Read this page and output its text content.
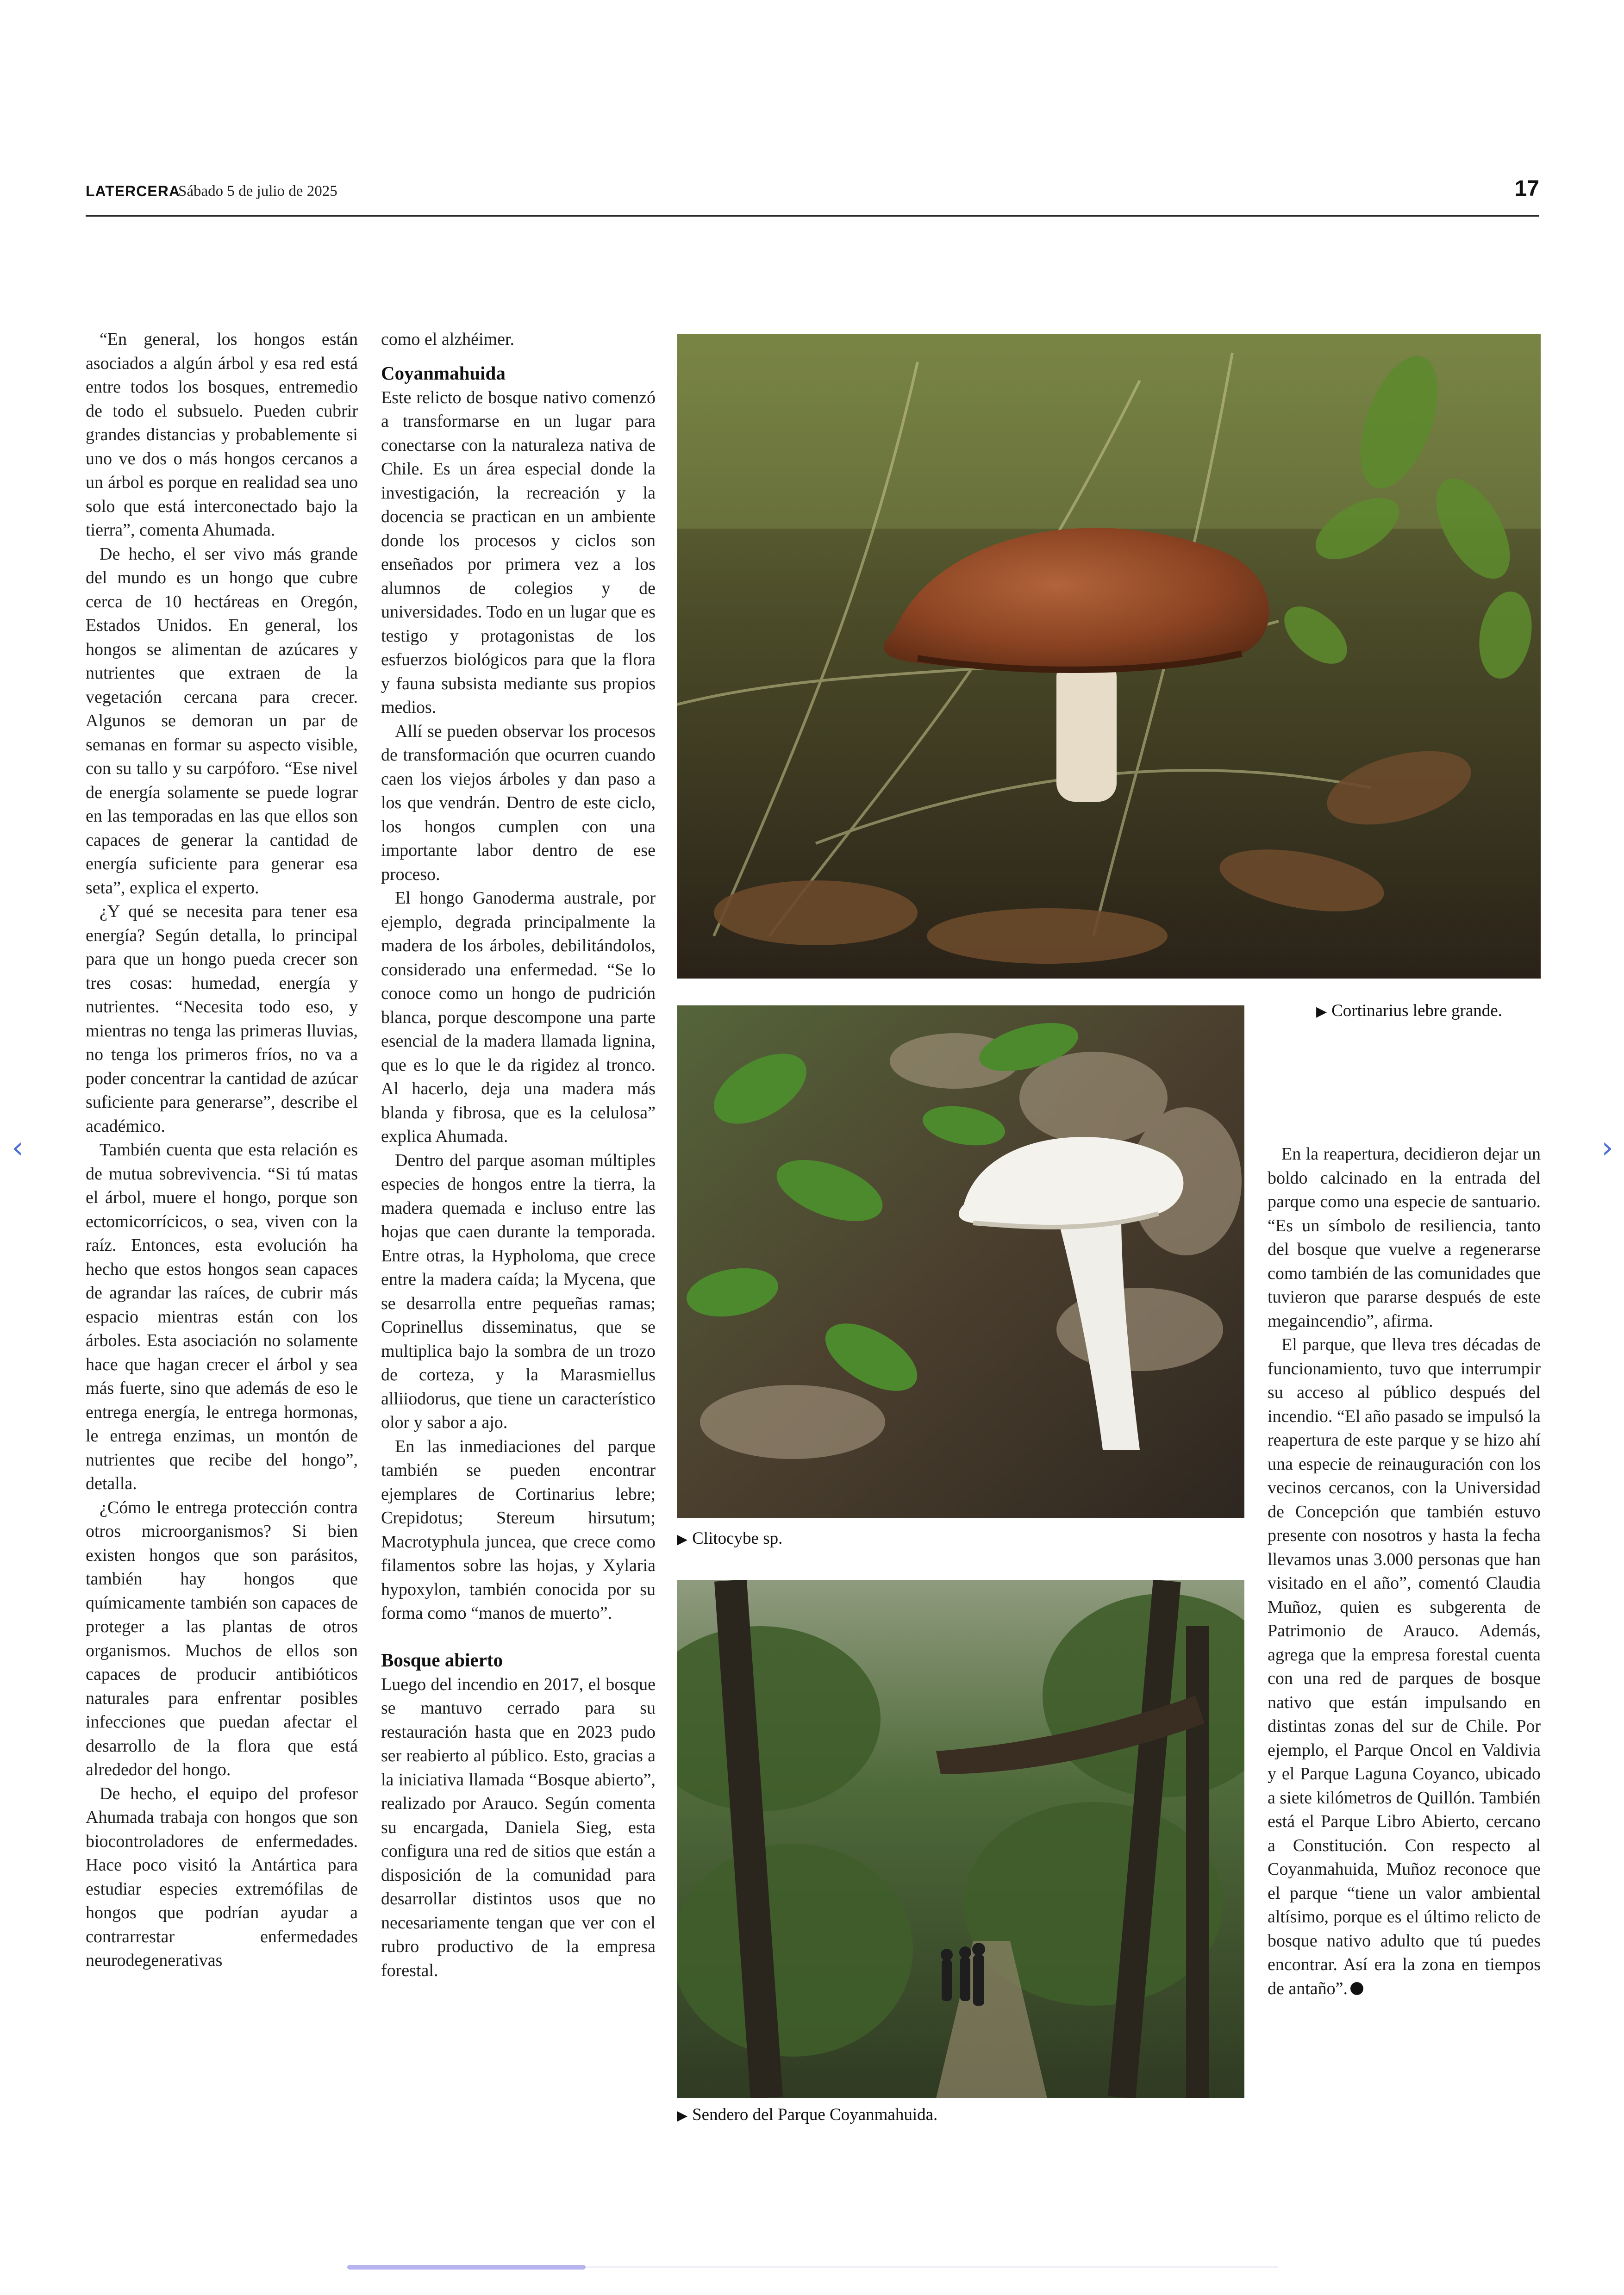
LATERCERA
Sábado 5 de julio de 2025	17

“En general, los hongos están asociados a algún árbol y esa red está entre todos los bosques, entremedio de todo el subsuelo. Pueden cubrir grandes distancias y probablemente si uno ve dos o más hongos cercanos a un árbol es porque en realidad sea uno solo que está interconectado bajo la tierra”, comenta Ahumada.

De hecho, el ser vivo más grande del mundo es un hongo que cubre cerca de 10 hectáreas en Oregón, Estados Unidos. En general, los hongos se alimentan de azúcares y nutrientes que extraen de la vegetación cercana para crecer. Algunos se demoran un par de semanas en formar su aspecto visible, con su tallo y su carpóforo. “Ese nivel de energía solamente se puede lograr en las temporadas en las que ellos son capaces de generar la cantidad de energía suficiente para generar esa seta”, explica el experto.

¿Y qué se necesita para tener esa energía? Según detalla, lo principal para que un hongo pueda crecer son tres cosas: humedad, energía y nutrientes. “Necesita todo eso, y mientras no tenga las primeras lluvias, no tenga los primeros fríos, no va a poder concentrar la cantidad de azúcar suficiente para generarse”, describe el académico.

También cuenta que esta relación es de mutua sobrevivencia. “Si tú matas el árbol, muere el hongo, porque son ectomicorrícicos, o sea, viven con la raíz. Entonces, esta evolución ha hecho que estos hongos sean capaces de agrandar las raíces, de cubrir más espacio mientras están con los árboles. Esta asociación no solamente hace que hagan crecer el árbol y sea más fuerte, sino que además de eso le entrega energía, le entrega hormonas, le entrega enzimas, un montón de nutrientes que recibe del hongo”, detalla.

¿Cómo le entrega protección contra otros microorganismos? Si bien existen hongos que son parásitos, también hay hongos que químicamente también son capaces de proteger a las plantas de otros organismos. Muchos de ellos son capaces de producir antibióticos naturales para enfrentar posibles infecciones que puedan afectar el desarrollo de la flora que está alrededor del hongo.

De hecho, el equipo del profesor Ahumada trabaja con hongos que son biocontroladores de enfermedades. Hace poco visitó la Antártica para estudiar especies extremófilas de hongos que podrían ayudar a contrarrestar enfermedades neurodegenerativas

como el alzhéimer.

Coyanmahuida

Este relicto de bosque nativo comenzó a transformarse en un lugar para conectarse con la naturaleza nativa de Chile. Es un área especial donde la investigación, la recreación y la docencia se practican en un ambiente donde los procesos y ciclos son enseñados por primera vez a los alumnos de colegios y de universidades. Todo en un lugar que es testigo y protagonistas de los esfuerzos biológicos para que la flora y fauna subsista mediante sus propios medios.

Allí se pueden observar los procesos de transformación que ocurren cuando caen los viejos árboles y dan paso a los que vendrán. Dentro de este ciclo, los hongos cumplen con una importante labor dentro de ese proceso.

El hongo Ganoderma australe, por ejemplo, degrada principalmente la madera de los árboles, debilitándolos, considerado una enfermedad. “Se lo conoce como un hongo de pudrición blanca, porque descompone una parte esencial de la madera llamada lignina, que es lo que le da rigidez al tronco. Al hacerlo, deja una madera más blanda y fibrosa, que es la celulosa” explica Ahumada.

Dentro del parque asoman múltiples especies de hongos entre la tierra, la madera quemada e incluso entre las hojas que caen durante la temporada. Entre otras, la Hypholoma, que crece entre la madera caída; la Mycena, que se desarrolla entre pequeñas ramas; Coprinellus disseminatus, que se multiplica bajo la sombra de un trozo de corteza, y la Marasmiellus alliiodorus, que tiene un característico olor y sabor a ajo.

En las inmediaciones del parque también se pueden encontrar ejemplares de Cortinarius lebre; Crepidotus; Stereum hirsutum; Macrotyphula juncea, que crece como filamentos sobre las hojas, y Xylaria hypoxylon, también conocida por su forma como “manos de muerto”.

Bosque abierto

Luego del incendio en 2017, el bosque se mantuvo cerrado para su restauración hasta que en 2023 pudo ser reabierto al público. Esto, gracias a la iniciativa llamada “Bosque abierto”, realizado por Arauco. Según comenta su encargada, Daniela Sieg, esta configura una red de sitios que están a disposición de la comunidad para desarrollar distintos usos que no necesariamente tengan que ver con el rubro productivo de la empresa forestal.

En la reapertura, decidieron dejar un boldo calcinado en la entrada del parque como una especie de santuario. “Es un símbolo de resiliencia, tanto del bosque que vuelve a regenerarse como también de las comunidades que tuvieron que pararse después de este megaincendio”, afirma.

El parque, que lleva tres décadas de funcionamiento, tuvo que interrumpir su acceso al público después del incendio. “El año pasado se impulsó la reapertura de este parque y se hizo ahí una especie de reinauguración con los vecinos cercanos, con la Universidad de Concepción que también estuvo presente con nosotros y hasta la fecha llevamos unas 3.000 personas que han visitado en el año”, comentó Claudia Muñoz, quien es subgerenta de Patrimonio de Arauco. Además, agrega que la empresa forestal cuenta con una red de parques de bosque nativo que están impulsando en distintas zonas del sur de Chile. Por ejemplo, el Parque Oncol en Valdivia y el Parque Laguna Coyanco, ubicado a siete kilómetros de Quillón. También está el Parque Libro Abierto, cercano a Constitución. Con respecto al Coyanmahuida, Muñoz reconoce que el parque “tiene un valor ambiental altísimo, porque es el último relicto de bosque nativo adulto que tú puedes encontrar. Así era la zona en tiempos de antaño”.

▶ Cortinarius lebre grande.
▶ Clitocybe sp.
▶ Sendero del Parque Coyanmahuida.
‹	›
